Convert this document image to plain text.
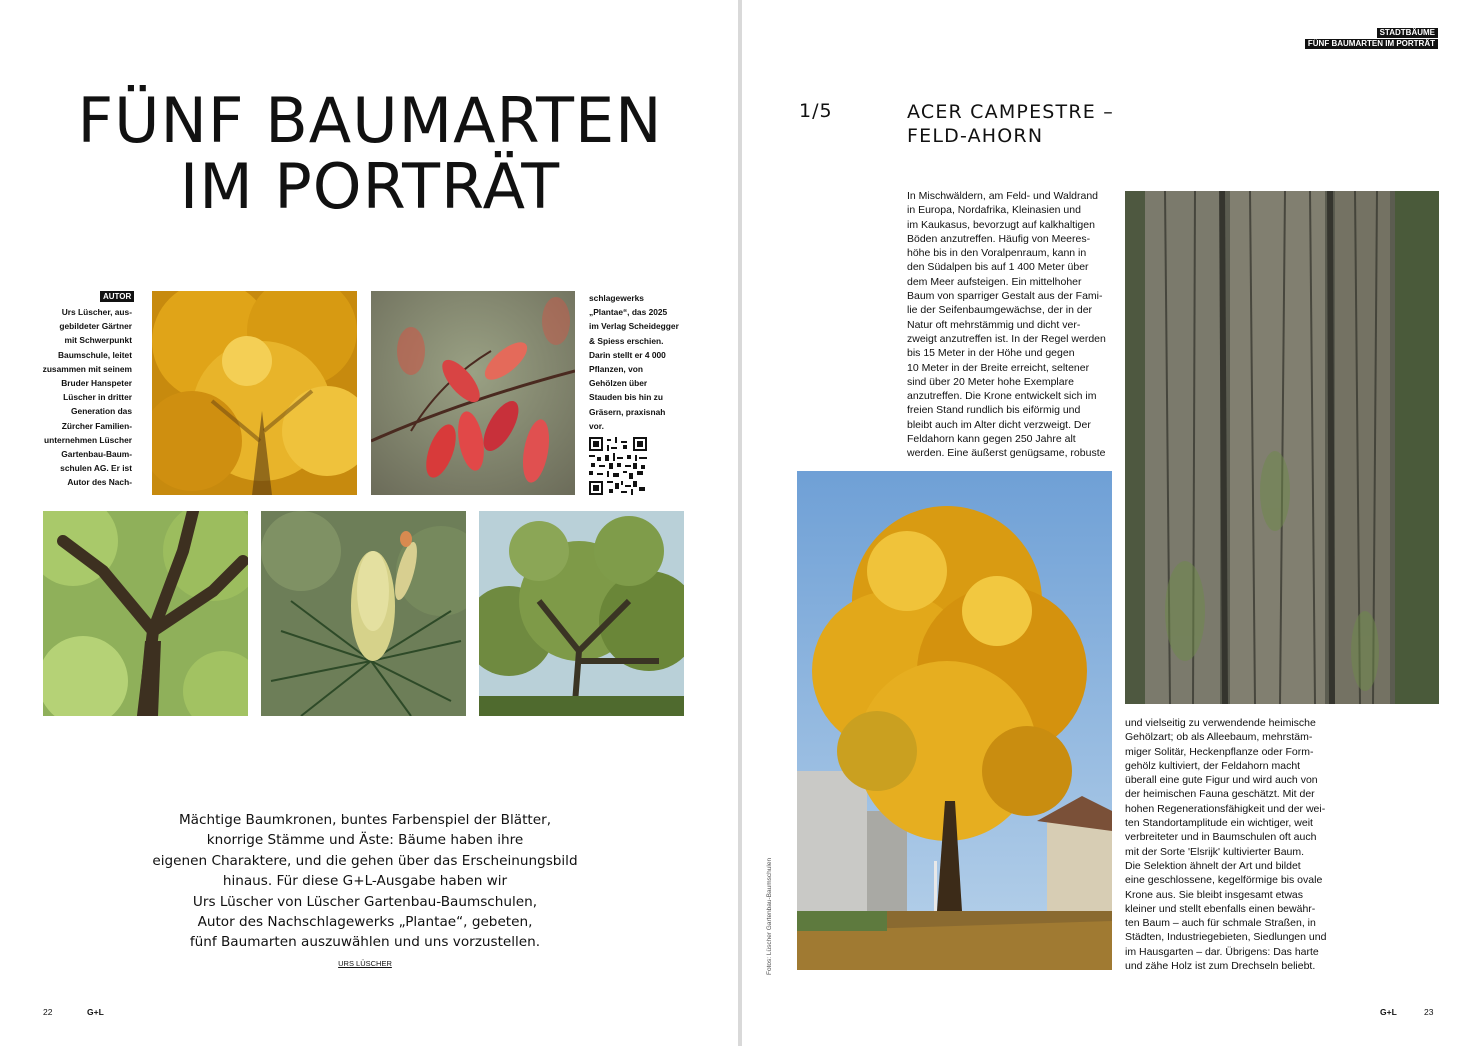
FÜNF BAUMARTEN
IM PORTRÄT
AUTOR
Urs Lüscher, aus-
gebildeter Gärtner
mit Schwerpunkt
Baumschule, leitet
zusammen mit seinem
Bruder Hanspeter
Lüscher in dritter
Generation das
Zürcher Familien-
unternehmen Lüscher
Gartenbau-Baum-
schulen AG. Er ist
Autor des Nach-
schlagewerks
„Plantae“, das 2025
im Verlag Scheidegger
& Spiess erschien.
Darin stellt er 4 000
Pflanzen, von
Gehölzen über
Stauden bis hin zu
Gräsern, praxisnah
vor.

Mächtige Baumkronen, buntes Farbenspiel der Blätter,
knorrige Stämme und Äste: Bäume haben ihre
eigenen Charaktere, und die gehen über das Erscheinungsbild
hinaus. Für diese G+L-Ausgabe haben wir
Urs Lüscher von Lüscher Gartenbau-Baumschulen,
Autor des Nachschlagewerks „Plantae“, gebeten,
fünf Baumarten auszuwählen und uns vorzustellen.

URS LÜSCHER
22	G+L
STADTBÄUME
FÜNF BAUMARTEN IM PORTRÄT
1/5	ACER CAMPESTRE –
FELD-AHORN

In Mischwäldern, am Feld- und Waldrand
in Europa, Nordafrika, Kleinasien und
im Kaukasus, bevorzugt auf kalkhaltigen
Böden anzutreffen. Häufig von Meeres-
höhe bis in den Voralpenraum, kann in
den Südalpen bis auf 1 400 Meter über
dem Meer aufsteigen. Ein mittelhoher
Baum von sparriger Gestalt aus der Fami-
lie der Seifenbaumgewächse, der in der
Natur oft mehrstämmig und dicht ver-
zweigt anzutreffen ist. In der Regel werden
bis 15 Meter in der Höhe und gegen
10 Meter in der Breite erreicht, seltener
sind über 20 Meter hohe Exemplare
anzutreffen. Die Krone entwickelt sich im
freien Stand rundlich bis eiförmig und
bleibt auch im Alter dicht verzweigt. Der
Feldahorn kann gegen 250 Jahre alt
werden. Eine äußerst genügsame, robuste

Fotos: Lüscher Gartenbau-Baumschulen

und vielseitig zu verwendende heimische
Gehölzart; ob als Alleebaum, mehrstäm-
miger Solitär, Heckenpflanze oder Form-
gehölz kultiviert, der Feldahorn macht
überall eine gute Figur und wird auch von
der heimischen Fauna geschätzt. Mit der
hohen Regenerationsfähigkeit und der wei-
ten Standortamplitude ein wichtiger, weit
verbreiteter und in Baumschulen oft auch
mit der Sorte 'Elsrijk' kultivierter Baum.
Die Selektion ähnelt der Art und bildet
eine geschlossene, kegelförmige bis ovale
Krone aus. Sie bleibt insgesamt etwas
kleiner und stellt ebenfalls einen bewähr-
ten Baum – auch für schmale Straßen, in
Städten, Industriegebieten, Siedlungen und
im Hausgarten – dar. Übrigens: Das harte
und zähe Holz ist zum Drechseln beliebt.

G+L	23
